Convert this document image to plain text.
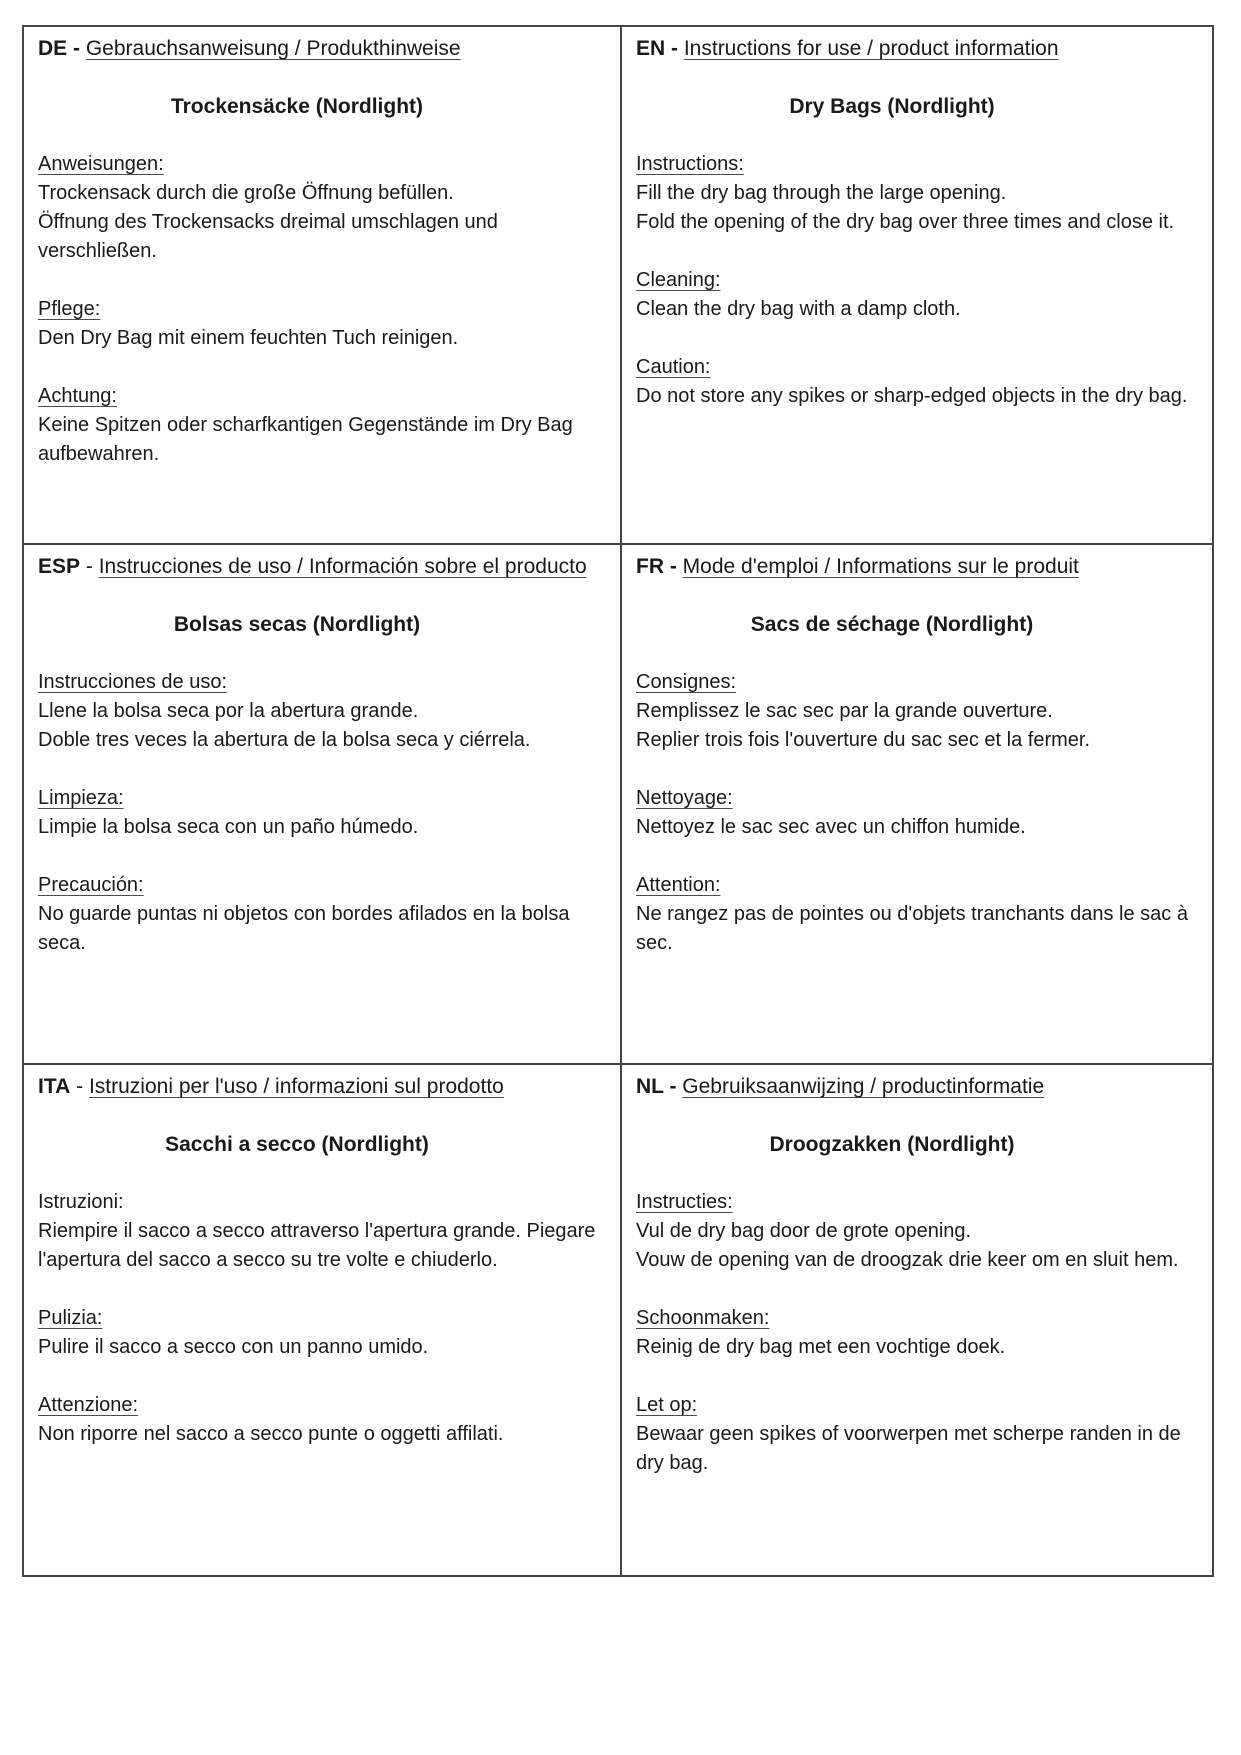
DE - Gebrauchsanweisung / Produkthinweise

Trockensäcke (Nordlight)

Anweisungen:

Trockensack durch die große Öffnung befüllen.

Öffnung des Trockensacks dreimal umschlagen und verschließen.

Pflege:

Den Dry Bag mit einem feuchten Tuch reinigen.

Achtung:

Keine Spitzen oder scharfkantigen Gegenstände im Dry Bag aufbewahren.

EN - Instructions for use / product information

Dry Bags (Nordlight)

Instructions:

Fill the dry bag through the large opening.

Fold the opening of the dry bag over three times and close it.

Cleaning:

Clean the dry bag with a damp cloth.

Caution:

Do not store any spikes or sharp-edged objects in the dry bag.

ESP - Instrucciones de uso / Información sobre el producto

Bolsas secas (Nordlight)

Instrucciones de uso:

Llene la bolsa seca por la abertura grande.

Doble tres veces la abertura de la bolsa seca y ciérrela.

Limpieza:

Limpie la bolsa seca con un paño húmedo.

Precaución:

No guarde puntas ni objetos con bordes afilados en la bolsa seca.

FR - Mode d'emploi / Informations sur le produit

Sacs de séchage (Nordlight)

Consignes:

Remplissez le sac sec par la grande ouverture.

Replier trois fois l'ouverture du sac sec et la fermer.

Nettoyage:

Nettoyez le sac sec avec un chiffon humide.

Attention:

Ne rangez pas de pointes ou d'objets tranchants dans le sac à sec.

ITA - Istruzioni per l'uso / informazioni sul prodotto

Sacchi a secco (Nordlight)

Istruzioni:

Riempire il sacco a secco attraverso l'apertura grande. Piegare l'apertura del sacco a secco su tre volte e chiuderlo.

Pulizia:

Pulire il sacco a secco con un panno umido.

Attenzione:

Non riporre nel sacco a secco punte o oggetti affilati.

NL - Gebruiksaanwijzing / productinformatie

Droogzakken (Nordlight)

Instructies:

Vul de dry bag door de grote opening.

Vouw de opening van de droogzak drie keer om en sluit hem.

Schoonmaken:

Reinig de dry bag met een vochtige doek.

Let op:

Bewaar geen spikes of voorwerpen met scherpe randen in de dry bag.
